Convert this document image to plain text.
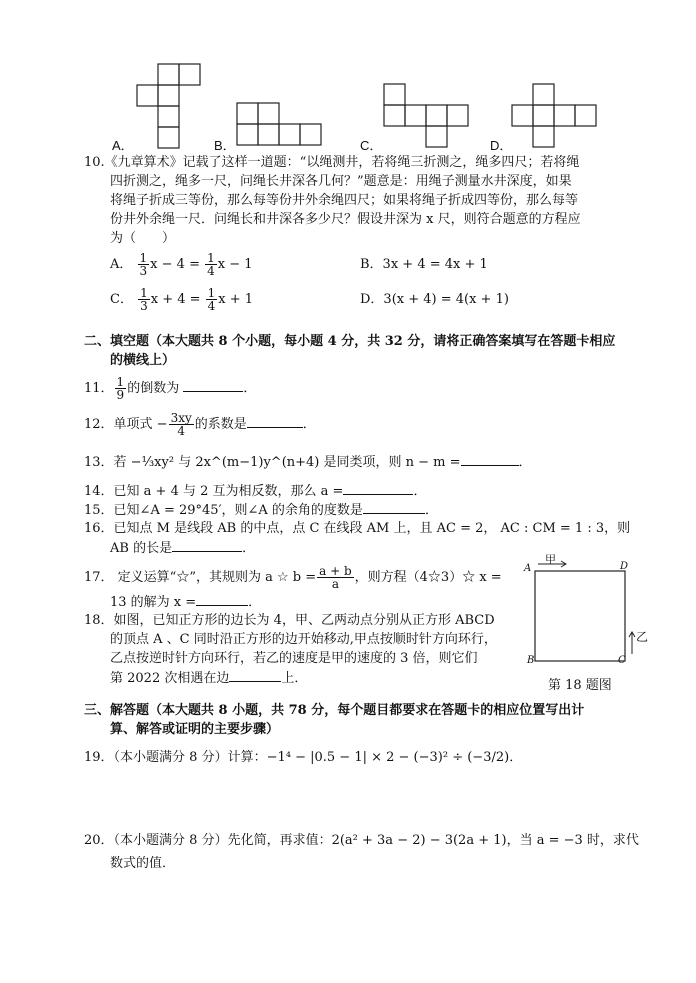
A．	B．	C．	D．
10.《九章算术》记载了这样一道题：“以绳测井，若将绳三折测之，绳多四尺；若将绳
四折测之，绳多一尺，问绳长井深各几何？”题意是：用绳子测量水井深度，如果
将绳子折成三等份，那么每等份井外余绳四尺；如果将绳子折成四等份，那么每等
份井外余绳一尺．问绳长和井深各多少尺？假设井深为 x 尺，则符合题意的方程应
为（　　）
A． $\frac{1}{3}$ $x - 4 = \frac{1}{4}$ x − 1	B．3x + 4 = 4x + 1
C． $\frac{1}{3}$ $x + 4 = \frac{1}{4}$ x + 1	D．3(x + 4) = 4(x + 1)
二、填空题（本大题共 8 个小题，每小题 4 分，共 32 分，请将正确答案填写在答题卡相应
的横线上）
11． $\frac{1}{9}$ 的倒数为	．
12．单项式 − $\frac{3xy}{4}$ 的系数是	．
13．若 −⅓xy² 与 2x^(m−1)y^(n+4) 是同类项，则 n − m =	．
14．已知 a + 4 与 2 互为相反数，那么 a =	．
15．已知∠A = 29°45′，则∠A 的余角的度数是	．
16．已知点 M 是线段 AB 的中点，点 C 在线段 AM 上，且 AC = 2， AC : CM = 1 : 3，则
AB 的长是	．
17． 定义运算“☆”，其规则为 a ☆ $b = \frac{a + b}{a}$ ，则方程（4☆3）☆ x =
13 的解为 x =	．
18．如图，已知正方形的边长为 4，甲、乙两动点分别从正方形 ABCD
的顶点 A 、C 同时沿正方形的边开始移动,甲点按顺时针方向环行，
乙点按逆时针方向环行，若乙的速度是甲的速度的 3 倍，则它们
第 2022 次相遇在边	上．
A
B	C
D
甲
乙
第 18 题图
三、解答题（本大题共 8 小题，共 78 分，每个题目都要求在答题卡的相应位置写出计
算、解答或证明的主要步骤）
19．（本小题满分 8 分）计算：−1⁴ − |0.5 − 1| × 2 − (−3)² ÷ (−3/2)．
20．（本小题满分 8 分）先化简，再求值：2(a² + 3a − 2) − 3(2a + 1)，当 a = −3 时，求代
数式的值．
